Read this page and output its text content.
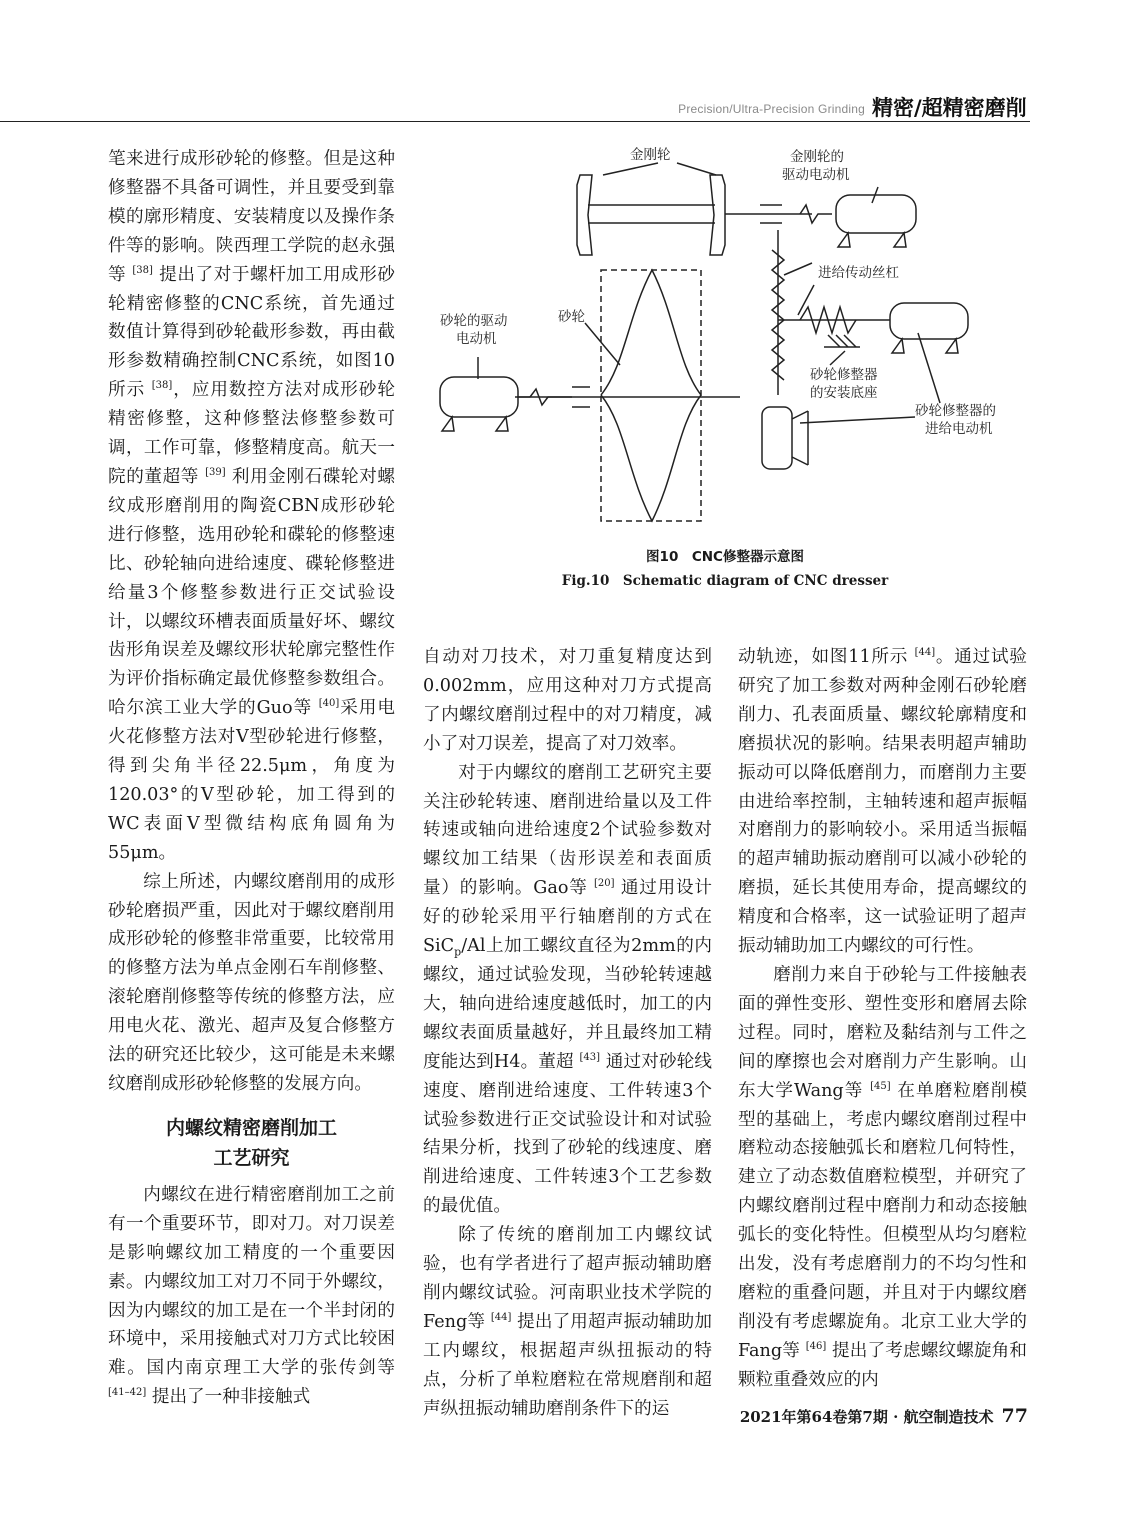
Precision/Ultra-Precision Grinding 精密/超精密磨削

笔来进行成形砂轮的修整。但是这种修整器不具备可调性，并且要受到靠模的廓形精度、安装精度以及操作条件等的影响。陕西理工学院的赵永强等 [38] 提出了对于螺杆加工用成形砂轮精密修整的CNC系统，首先通过数值计算得到砂轮截形参数，再由截形参数精确控制CNC系统，如图10所示 [38]，应用数控方法对成形砂轮精密修整，这种修整法修整参数可调，工作可靠，修整精度高。航天一院的董超等 [39] 利用金刚石碟轮对螺纹成形磨削用的陶瓷CBN成形砂轮进行修整，选用砂轮和碟轮的修整速比、砂轮轴向进给速度、碟轮修整进给量3个修整参数进行正交试验设计，以螺纹环槽表面质量好坏、螺纹齿形角误差及螺纹形状轮廓完整性作为评价指标确定最优修整参数组合。哈尔滨工业大学的Guo等 [40]采用电火花修整方法对V型砂轮进行修整，得到尖角半径22.5μm，角度为120.03°的V型砂轮，加工得到的WC表面V型微结构底角圆角为55μm。

综上所述，内螺纹磨削用的成形砂轮磨损严重，因此对于螺纹磨削用成形砂轮的修整非常重要，比较常用的修整方法为单点金刚石车削修整、滚轮磨削修整等传统的修整方法，应用电火花、激光、超声及复合修整方法的研究还比较少，这可能是未来螺纹磨削成形砂轮修整的发展方向。

内螺纹精密磨削加工
工艺研究

内螺纹在进行精密磨削加工之前有一个重要环节，即对刀。对刀误差是影响螺纹加工精度的一个重要因素。内螺纹加工对刀不同于外螺纹，因为内螺纹的加工是在一个半封闭的环境中，采用接触式对刀方式比较困难。国内南京理工大学的张传剑等 [41–42] 提出了一种非接触式

金刚轮	金刚轮的
驱动电动机
进给传动丝杠
砂轮的驱动
电动机
砂轮
砂轮修整器
的安装底座
砂轮修整器的
进给电动机
图10　CNC修整器示意图
Fig.10　Schematic diagram of CNC dresser

自动对刀技术，对刀重复精度达到0.002mm，应用这种对刀方式提高了内螺纹磨削过程中的对刀精度，减小了对刀误差，提高了对刀效率。

对于内螺纹的磨削工艺研究主要关注砂轮转速、磨削进给量以及工件转速或轴向进给速度2个试验参数对螺纹加工结果（齿形误差和表面质量）的影响。Gao等 [20] 通过用设计好的砂轮采用平行轴磨削的方式在SiC$_p$/Al上加工螺纹直径为2mm的内螺纹，通过试验发现，当砂轮转速越大，轴向进给速度越低时，加工的内螺纹表面质量越好，并且最终加工精度能达到H4。董超 [43] 通过对砂轮线速度、磨削进给速度、工件转速3个试验参数进行正交试验设计和对试验结果分析，找到了砂轮的线速度、磨削进给速度、工件转速3个工艺参数的最优值。

除了传统的磨削加工内螺纹试验，也有学者进行了超声振动辅助磨削内螺纹试验。河南职业技术学院的Feng等 [44] 提出了用超声振动辅助加工内螺纹，根据超声纵扭振动的特点，分析了单粒磨粒在常规磨削和超声纵扭振动辅助磨削条件下的运

动轨迹，如图11所示 [44]。通过试验研究了加工参数对两种金刚石砂轮磨削力、孔表面质量、螺纹轮廓精度和磨损状况的影响。结果表明超声辅助振动可以降低磨削力，而磨削力主要由进给率控制，主轴转速和超声振幅对磨削力的影响较小。采用适当振幅的超声辅助振动磨削可以减小砂轮的磨损，延长其使用寿命，提高螺纹的精度和合格率，这一试验证明了超声振动辅助加工内螺纹的可行性。

磨削力来自于砂轮与工件接触表面的弹性变形、塑性变形和磨屑去除过程。同时，磨粒及黏结剂与工件之间的摩擦也会对磨削力产生影响。山东大学Wang等 [45] 在单磨粒磨削模型的基础上，考虑内螺纹磨削过程中磨粒动态接触弧长和磨粒几何特性，建立了动态数值磨粒模型，并研究了内螺纹磨削过程中磨削力和动态接触弧长的变化特性。但模型从均匀磨粒出发，没有考虑磨削力的不均匀性和磨粒的重叠问题，并且对于内螺纹磨削没有考虑螺旋角。北京工业大学的Fang等 [46] 提出了考虑螺纹螺旋角和颗粒重叠效应的内

2021年第64卷第7期 · 航空制造技术 77
